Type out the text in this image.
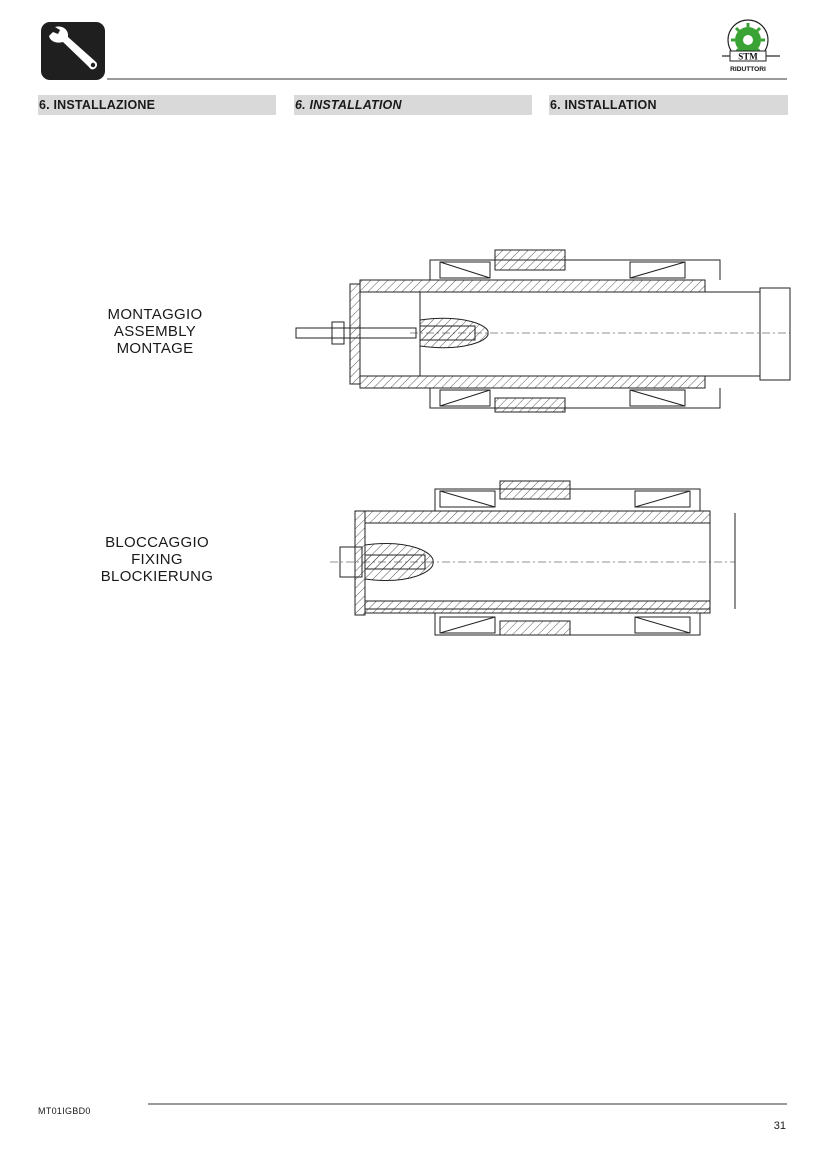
STM
RIDUTTORI
6. INSTALLAZIONE	6. INSTALLATION	6. INSTALLATION
MONTAGGIO
ASSEMBLY
MONTAGE
BLOCCAGGIO
FIXING
BLOCKIERUNG
MT01IGBD0
31
